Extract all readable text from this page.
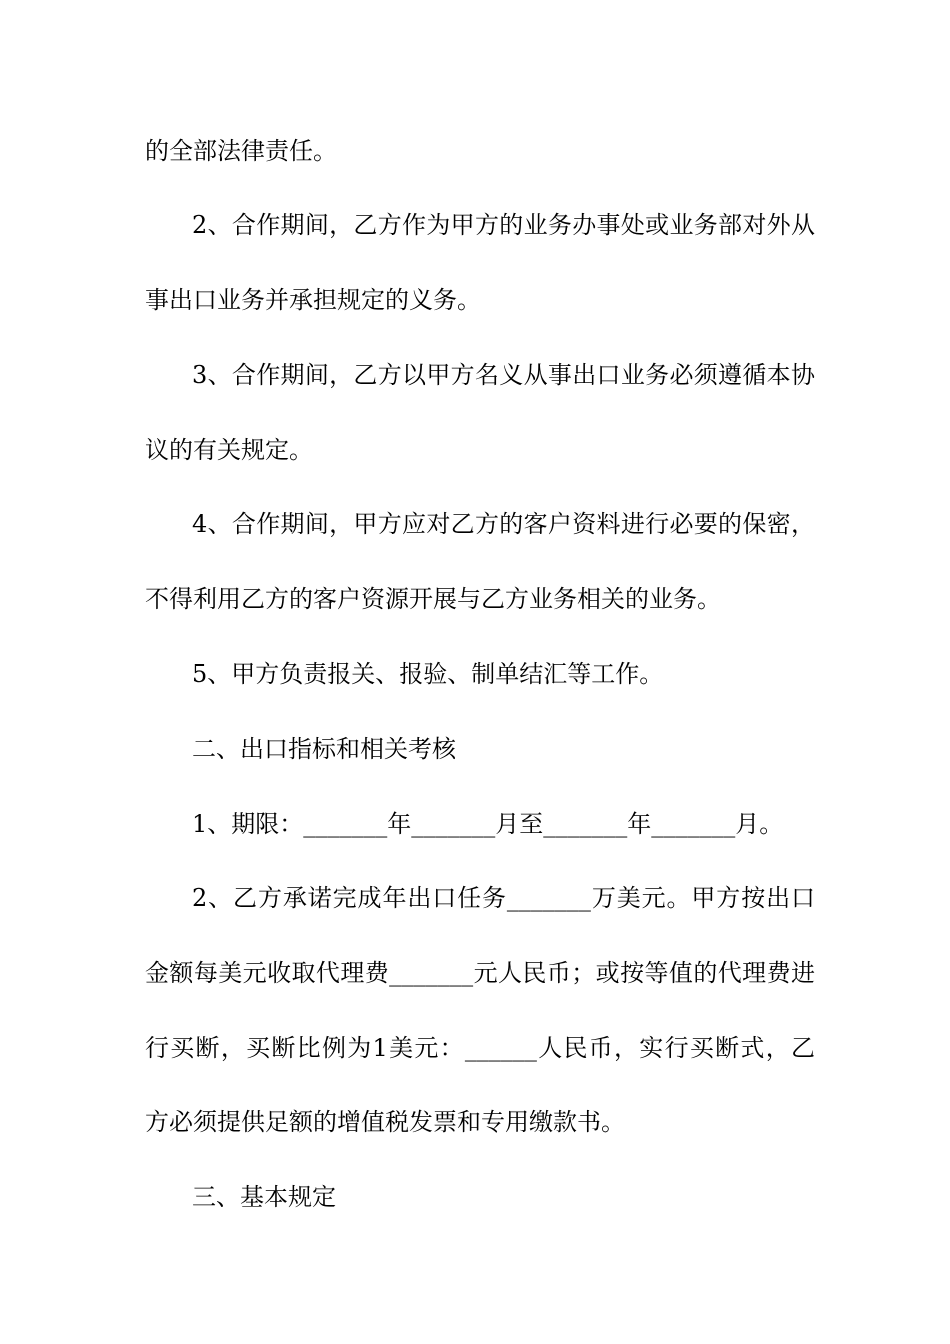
的全部法律责任。
2、合作期间，乙方作为甲方的业务办事处或业务部对外从
事出口业务并承担规定的义务。
3、合作期间，乙方以甲方名义从事出口业务必须遵循本协
议的有关规定。
4、合作期间，甲方应对乙方的客户资料进行必要的保密，
不得利用乙方的客户资源开展与乙方业务相关的业务。
5、甲方负责报关、报验、制单结汇等工作。
二、出口指标和相关考核
1、期限：_______年_______月至_______年_______月。
2、乙方承诺完成年出口任务_______万美元。甲方按出口
金额每美元收取代理费_______元人民币；或按等值的代理费进
行买断，买断比例为1美元：______人民币，实行买断式，乙
方必须提供足额的增值税发票和专用缴款书。
三、基本规定
